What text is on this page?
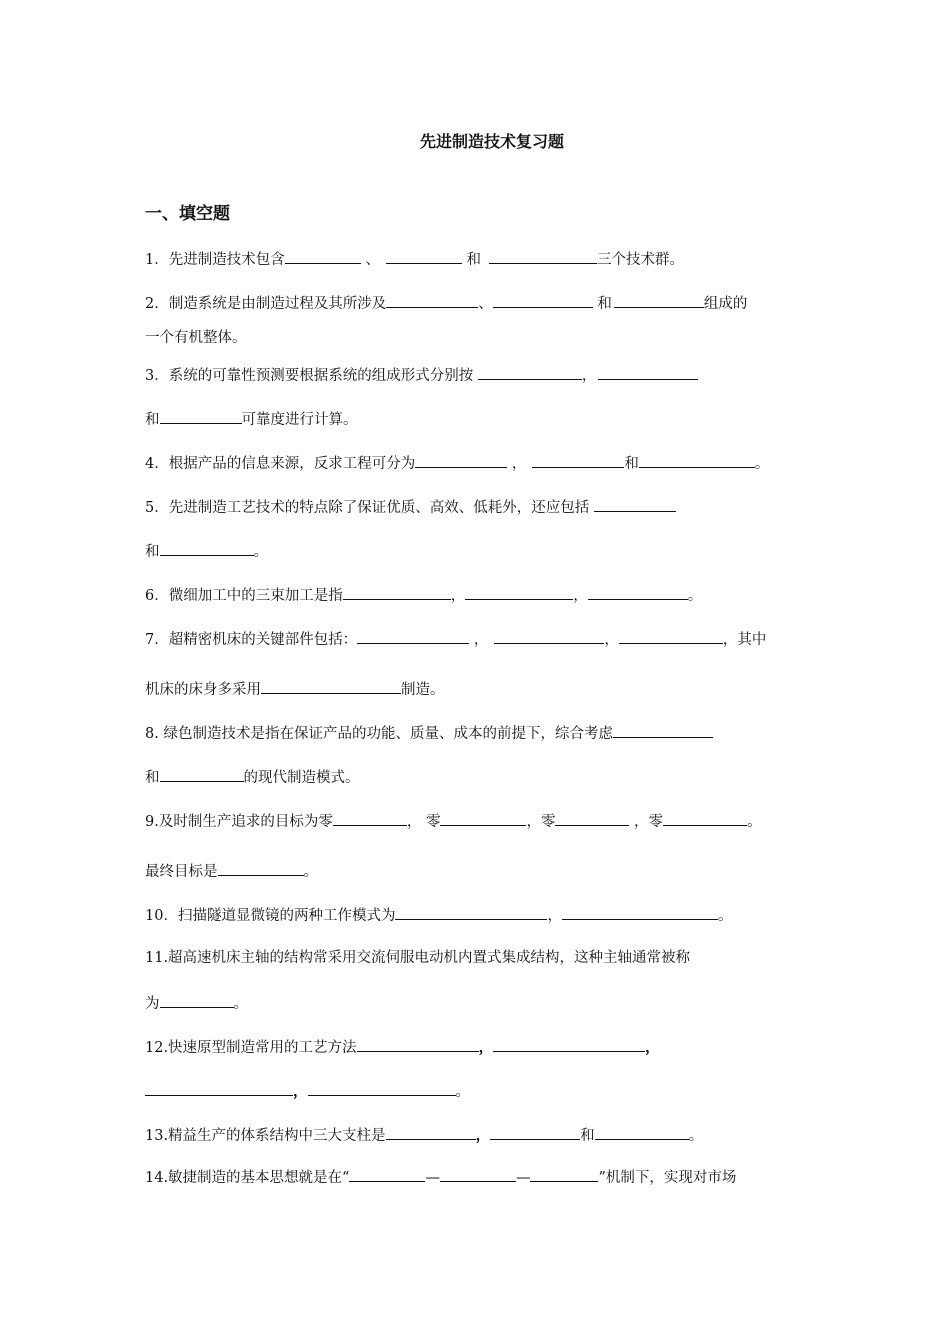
先进制造技术复习题
一、填空题
1．先进制造技术包含	、	和	三个技术群。
2．制造系统是由制造过程及其所涉及	、	和	组成的
一个有机整体。
3．系统的可靠性预测要根据系统的组成形式分别按	，
和	可靠度进行计算。
4．根据产品的信息来源，反求工程可分为	，	和	。
5．先进制造工艺技术的特点除了保证优质、高效、低耗外，还应包括
和	。
6．微细加工中的三束加工是指	，	，	。
7．超精密机床的关键部件包括：	，	，	，其中
机床的床身多采用	制造。
8. 绿色制造技术是指在保证产品的功能、质量、成本的前提下，综合考虑
和	的现代制造模式。
9.及时制生产追求的目标为零	， 零	，零	，零	。
最终目标是	。
10．扫描隧道显微镜的两种工作模式为	，	。
11.超高速机床主轴的结构常采用交流伺服电动机内置式集成结构，这种主轴通常被称
为	。
12.快速原型制造常用的工艺方法	，	，
，	。
13.精益生产的体系结构中三大支柱是	，	和	。
14.敏捷制造的基本思想就是在“	—	—	”机制下，实现对市场
